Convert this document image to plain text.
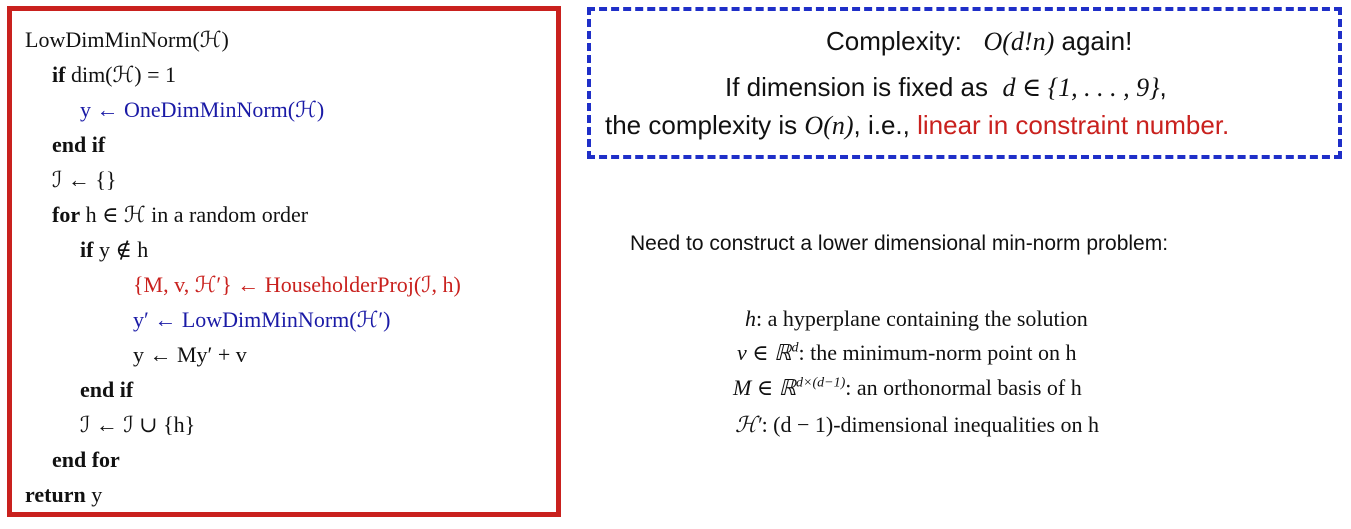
LowDimMinNorm(ℋ)
if dim(ℋ) = 1
y ← OneDimMinNorm(ℋ)
end if
ℐ ← {}
for h ∈ ℋ in a random order
if y ∉ h
{M, v, ℋ′} ← HouseholderProj(ℐ, h)
y′ ← LowDimMinNorm(ℋ′)
y ← My′ + v
end if
ℐ ← ℐ ∪ {h}
end for
return y
Complexity: O(d!n) again!
If dimension is fixed as d ∈ {1, . . . , 9},
the complexity is O(n), i.e., linear in constraint number.
Need to construct a lower dimensional min-norm problem:
h: a hyperplane containing the solution
v ∈ ℝ$^d$: the minimum-norm point on h
M ∈ ℝ$^{d\times(d-1)}$: an orthonormal basis of h
ℋ′: (d − 1)-dimensional inequalities on h
